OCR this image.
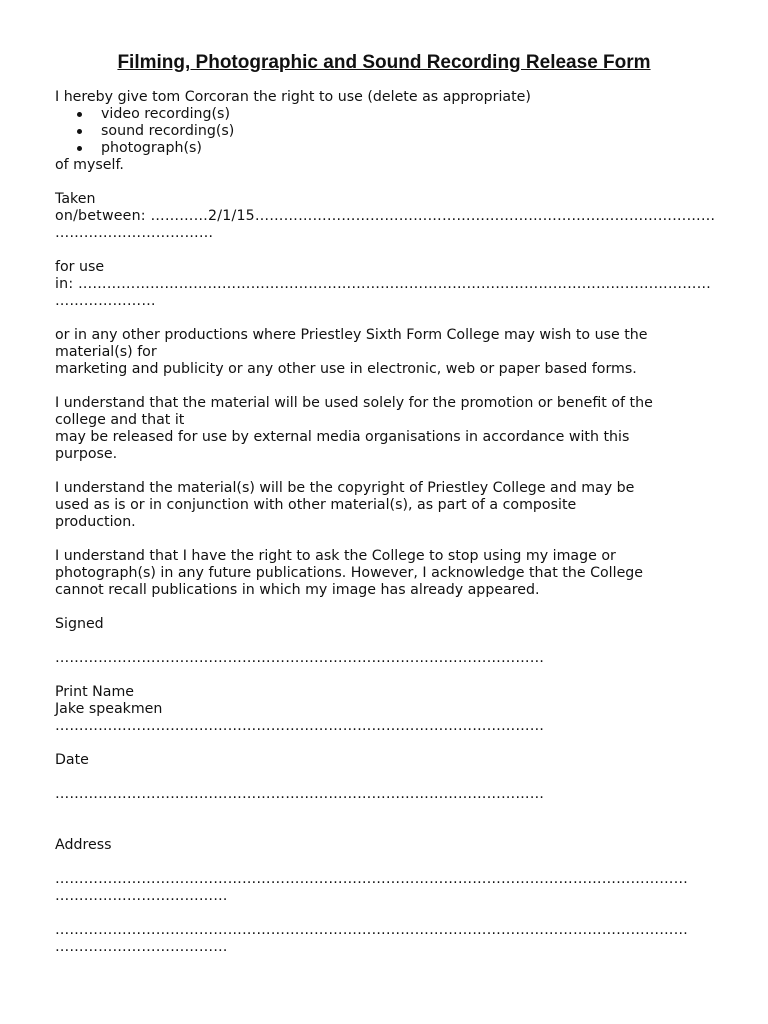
Filming, Photographic and Sound Recording Release Form

I hereby give tom Corcoran the right to use (delete as appropriate)

video recording(s)
sound recording(s)
photograph(s)

of myself.

Taken

on/between: …………2/1/15……………………………………………………………………………………

……………………………

for use

in: ……………………………………………………………………………………………………………………

…………………

or in any other productions where Priestley Sixth Form College may wish to use the

material(s) for

marketing and publicity or any other use in electronic, web or paper based forms.

I understand that the material will be used solely for the promotion or benefit of the

college and that it

may be released for use by external media organisations in accordance with this

purpose.

I understand the material(s) will be the copyright of Priestley College and may be

used as is or in conjunction with other material(s), as part of a composite

production.

I understand that I have the right to ask the College to stop using my image or

photograph(s) in any future publications. However, I acknowledge that the College

cannot recall publications in which my image has already appeared.

Signed

…………………………………………………………………………………………

Print Name

Jake speakmen

…………………………………………………………………………………………

Date

…………………………………………………………………………………………

Address

……………………………………………………………………………………………………………………

………………………………

……………………………………………………………………………………………………………………

………………………………
